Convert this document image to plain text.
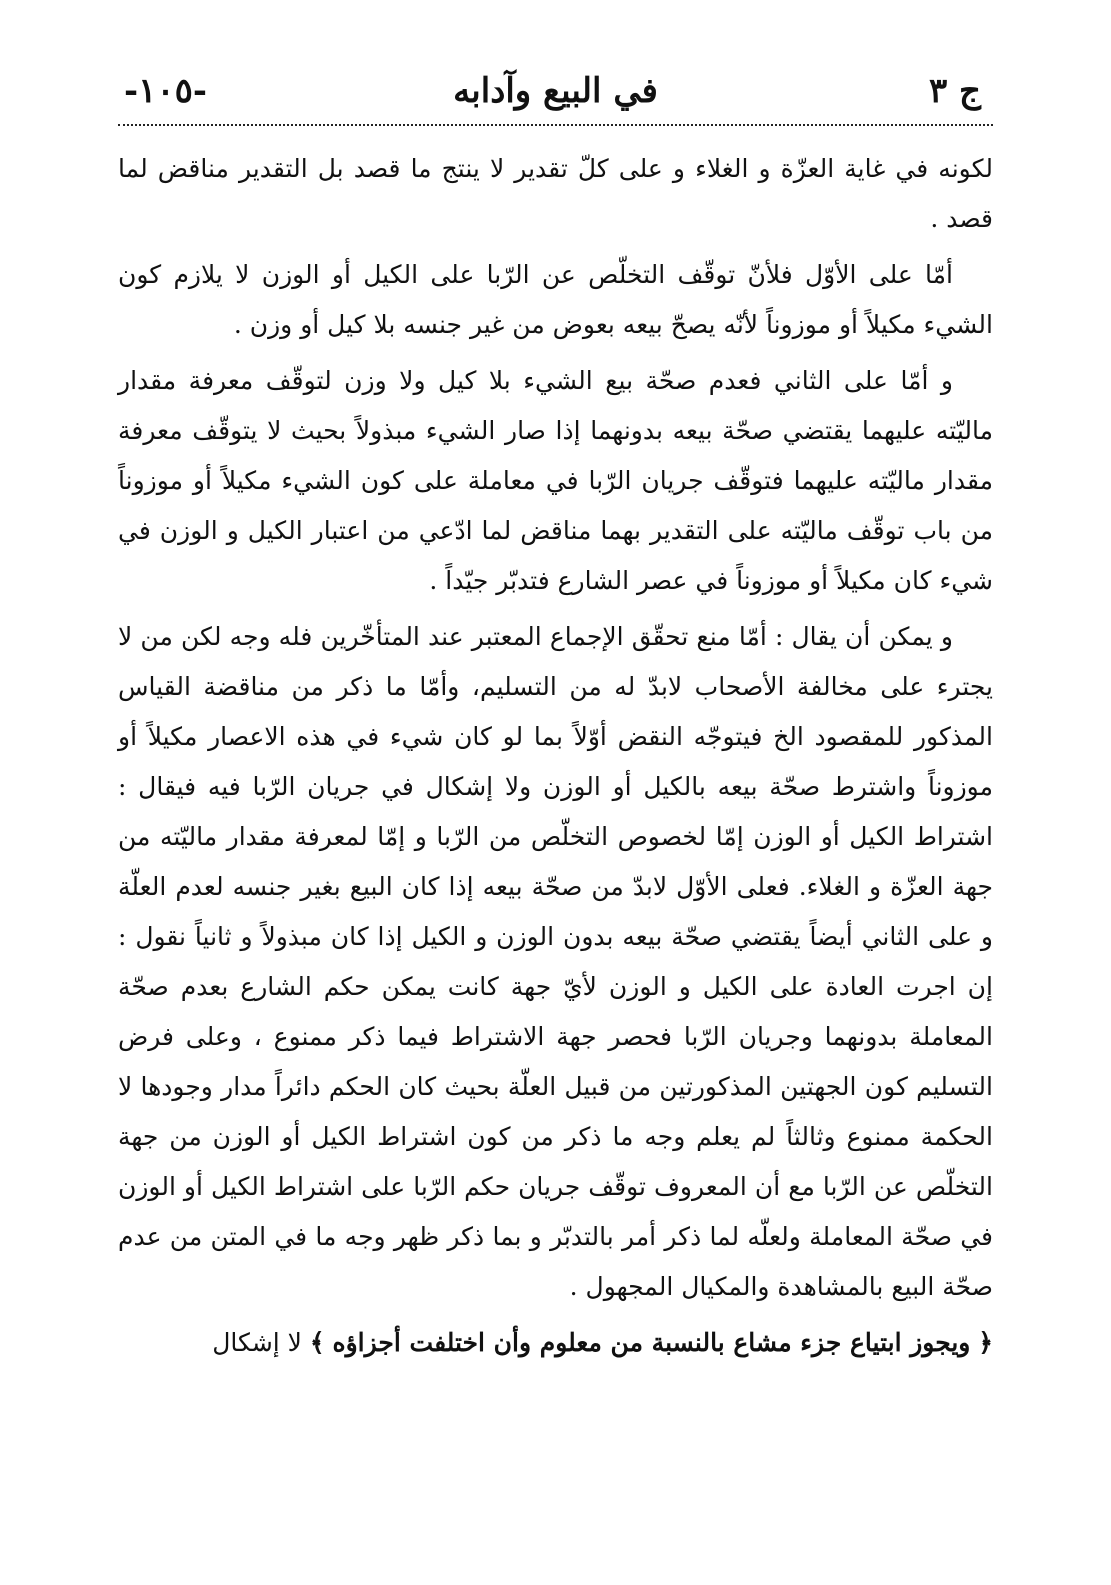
ج ٣
في البيع وآدابه
-١٠٥-

لكونه في غاية العزّة و الغلاء و على كلّ تقدير لا ينتج ما قصد بل التقدير مناقض لما قصد .

أمّا على الأوّل فلأنّ توقّف التخلّص عن الرّبا على الكيل أو الوزن لا يلازم كون الشيء مكيلاً أو موزوناً لأنّه يصحّ بيعه بعوض من غير جنسه بلا كيل أو وزن .

و أمّا على الثاني فعدم صحّة بيع الشيء بلا كيل ولا وزن لتوقّف معرفة مقدار ماليّته عليهما يقتضي صحّة بيعه بدونهما إذا صار الشيء مبذولاً بحيث لا يتوقّف معرفة مقدار ماليّته عليهما فتوقّف جريان الرّبا في معاملة على كون الشيء مكيلاً أو موزوناً من باب توقّف ماليّته على التقدير بهما مناقض لما ادّعي من اعتبار الكيل و الوزن في شيء كان مكيلاً أو موزوناً في عصر الشارع فتدبّر جيّداً .

و يمكن أن يقال : أمّا منع تحقّق الإجماع المعتبر عند المتأخّرين فله وجه لكن من لا يجترء على مخالفة الأصحاب لابدّ له من التسليم، وأمّا ما ذكر من مناقضة القياس المذكور للمقصود الخ فيتوجّه النقض أوّلاً بما لو كان شيء في هذه الاعصار مكيلاً أو موزوناً واشترط صحّة بيعه بالكيل أو الوزن ولا إشكال في جريان الرّبا فيه فيقال : اشتراط الكيل أو الوزن إمّا لخصوص التخلّص من الرّبا و إمّا لمعرفة مقدار ماليّته من جهة العزّة و الغلاء. فعلى الأوّل لابدّ من صحّة بيعه إذا كان البيع بغير جنسه لعدم العلّة و على الثاني أيضاً يقتضي صحّة بيعه بدون الوزن و الكيل إذا كان مبذولاً و ثانياً نقول : إن اجرت العادة على الكيل و الوزن لأيّ جهة كانت يمكن حكم الشارع بعدم صحّة المعاملة بدونهما وجريان الرّبا فحصر جهة الاشتراط فيما ذكر ممنوع ، وعلى فرض التسليم كون الجهتين المذكورتين من قبيل العلّة بحيث كان الحكم دائراً مدار وجودها لا الحكمة ممنوع وثالثاً لم يعلم وجه ما ذكر من كون اشتراط الكيل أو الوزن من جهة التخلّص عن الرّبا مع أن المعروف توقّف جريان حكم الرّبا على اشتراط الكيل أو الوزن في صحّة المعاملة ولعلّه لما ذكر أمر بالتدبّر و بما ذكر ظهر وجه ما في المتن من عدم صحّة البيع بالمشاهدة والمكيال المجهول .

﴿ ويجوز ابتياع جزء مشاع بالنسبة من معلوم وأن اختلفت أجزاؤه ﴾ لا إشكال
